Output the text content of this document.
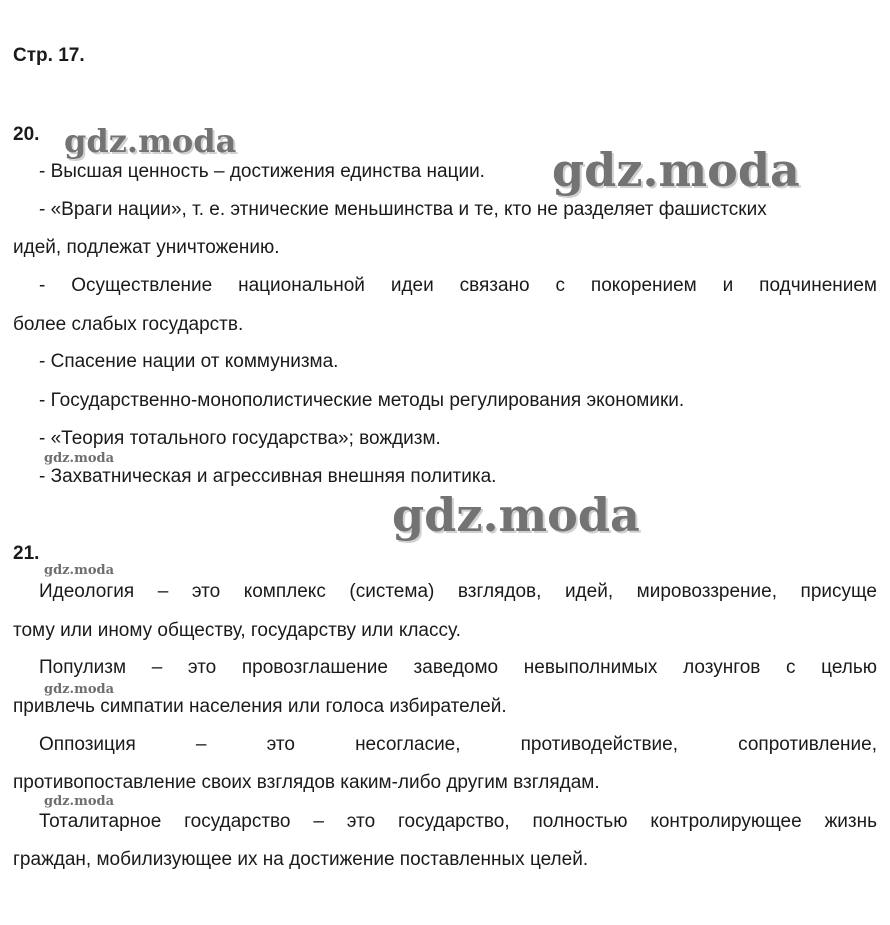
Стр. 17.
20.
- Высшая ценность – достижения единства нации.
- «Враги нации», т. е. этнические меньшинства и те, кто не разделяет фашистских
идей, подлежат уничтожению.
- Осуществление национальной идеи связано с покорением и подчинением
более слабых государств.
- Спасение нации от коммунизма.
- Государственно-монополистические методы регулирования экономики.
- «Теория тотального государства»; вождизм.
- Захватническая и агрессивная внешняя политика.
21.
Идеология – это комплекс (система) взглядов, идей, мировоззрение, присуще
тому или иному обществу, государству или классу.
Популизм – это провозглашение заведомо невыполнимых лозунгов с целью
привлечь симпатии населения или голоса избирателей.
Оппозиция – это несогласие, противодействие, сопротивление,
противопоставление своих взглядов каким-либо другим взглядам.
Тоталитарное государство – это государство, полностью контролирующее жизнь
граждан, мобилизующее их на достижение поставленных целей.
gdz.moda
gdz.moda
gdz.moda
gdz.moda
gdz.moda
gdz.moda
gdz.moda
